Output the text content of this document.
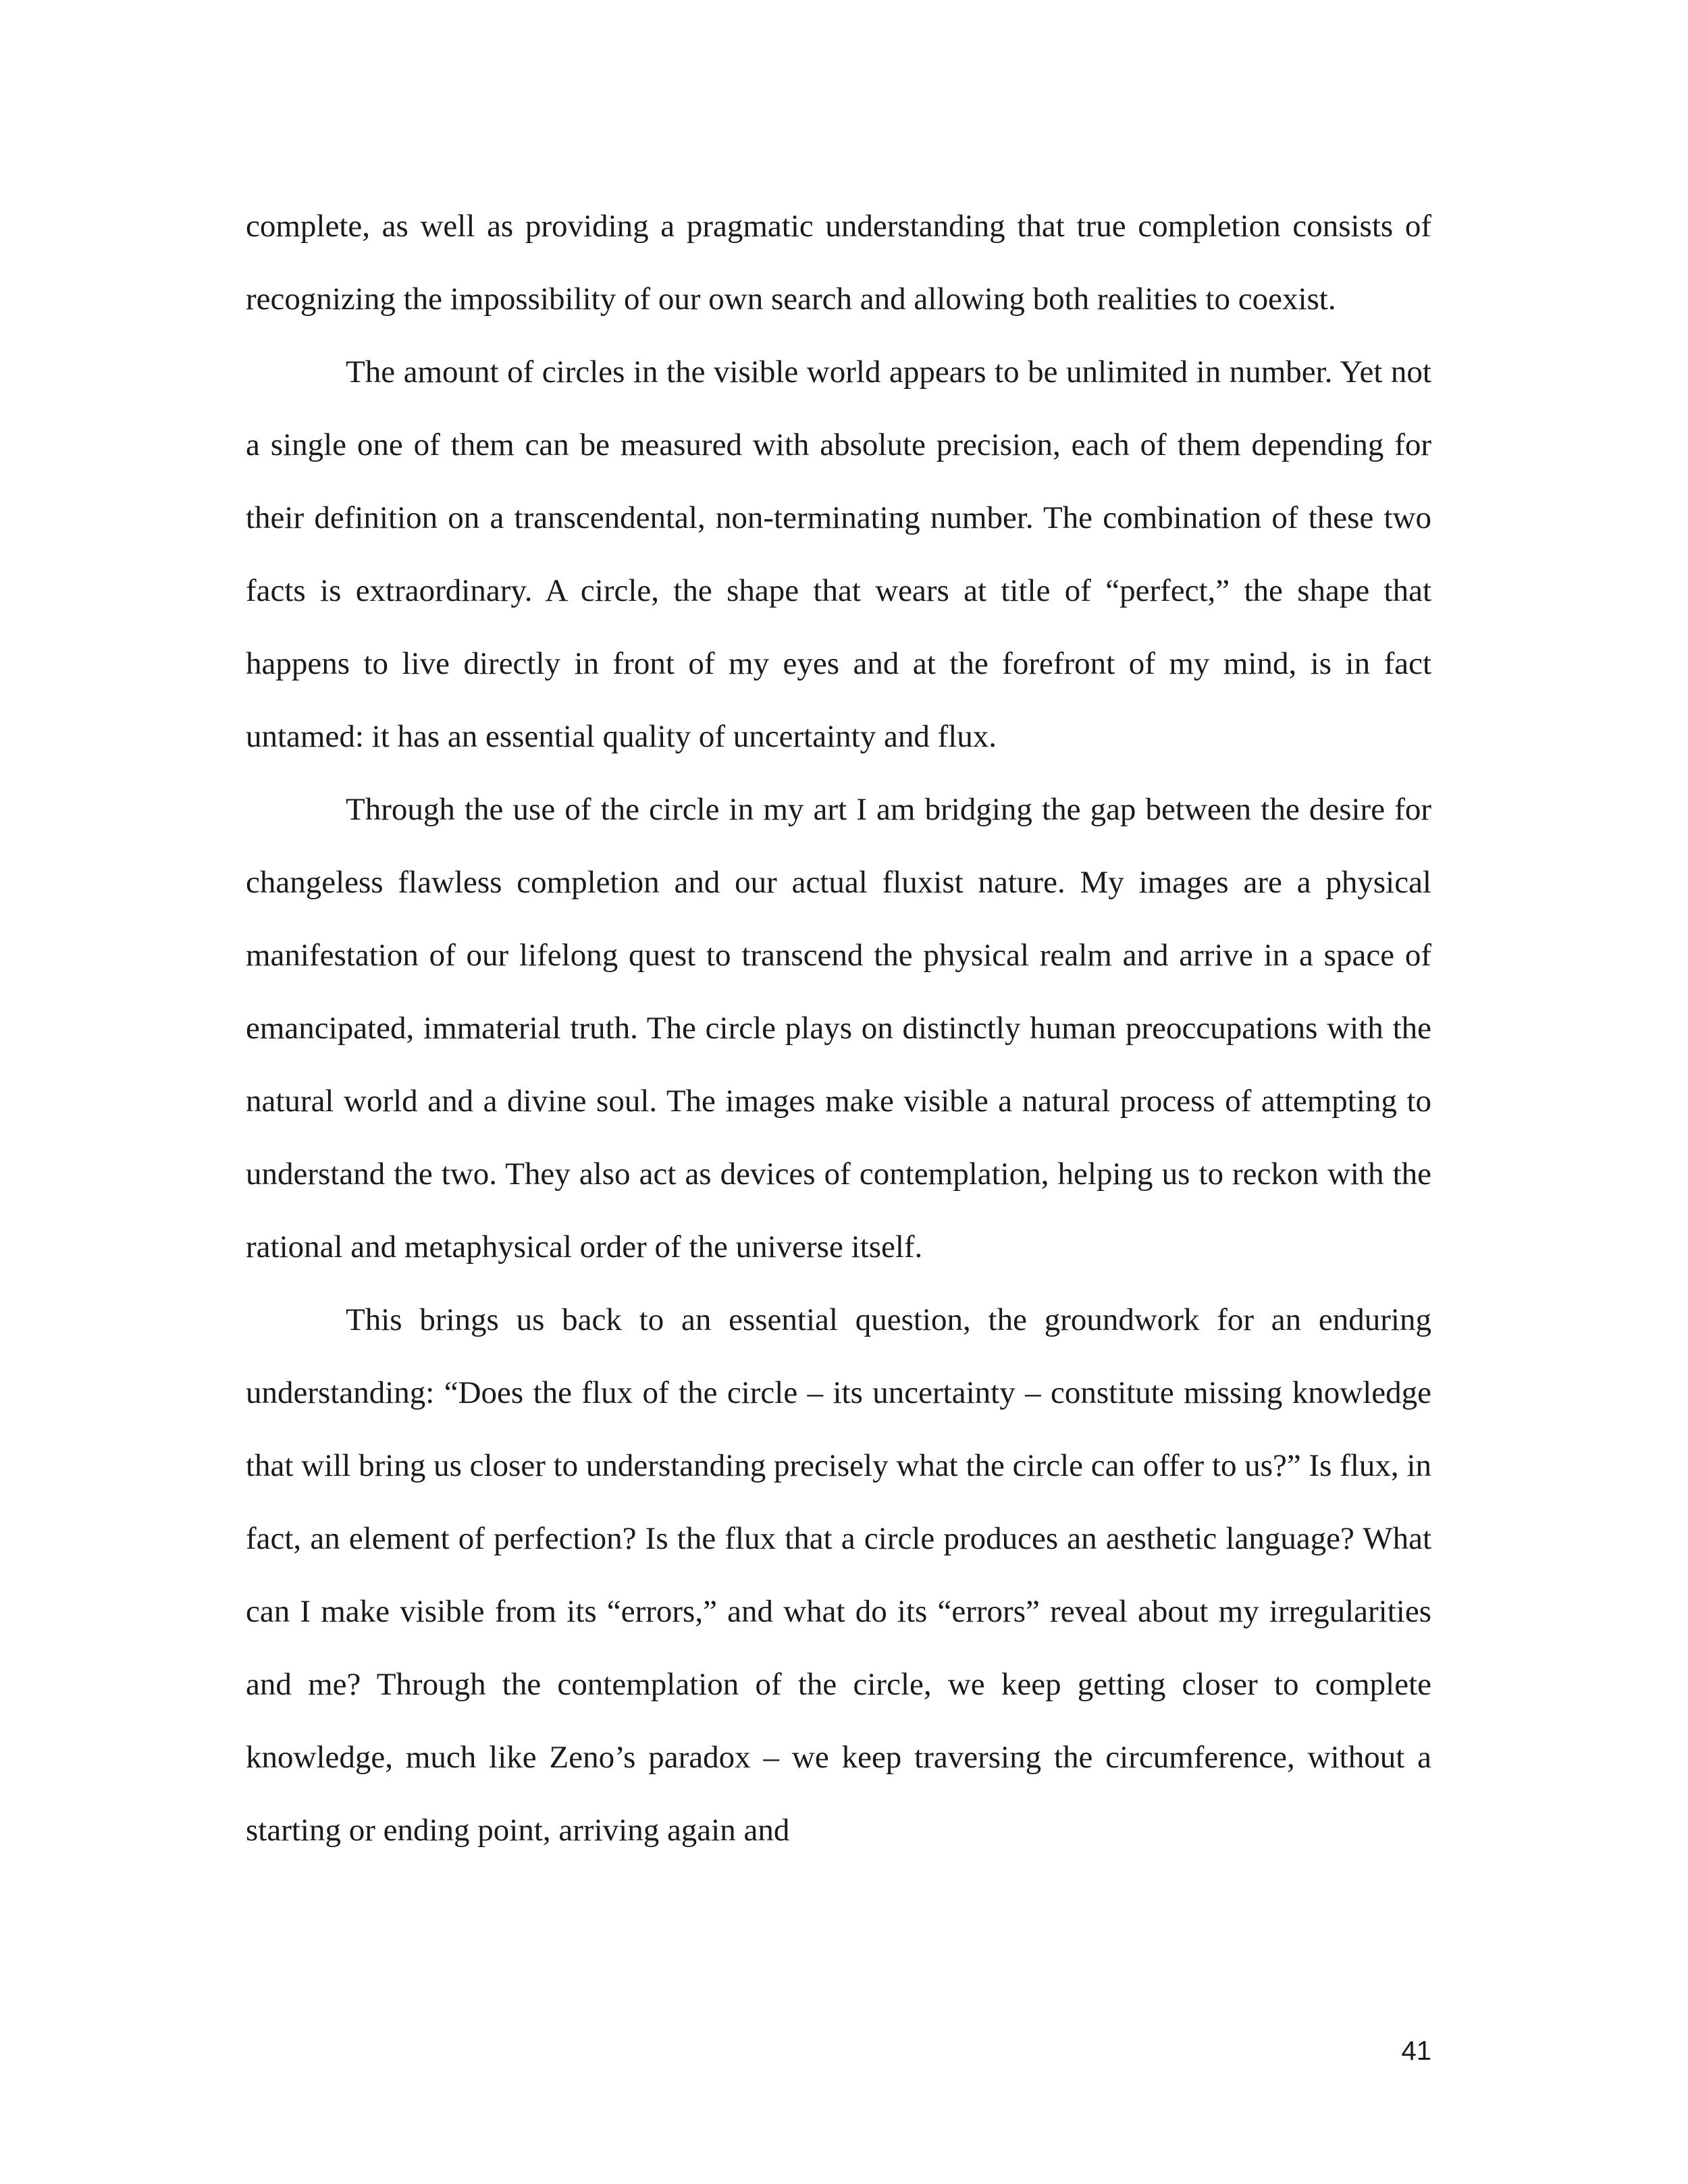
complete, as well as providing a pragmatic understanding that true completion consists of recognizing the impossibility of our own search and allowing both realities to coexist.

The amount of circles in the visible world appears to be unlimited in number. Yet not a single one of them can be measured with absolute precision, each of them depending for their definition on a transcendental, non-terminating number. The combination of these two facts is extraordinary. A circle, the shape that wears at title of “perfect,” the shape that happens to live directly in front of my eyes and at the forefront of my mind, is in fact untamed: it has an essential quality of uncertainty and flux.

Through the use of the circle in my art I am bridging the gap between the desire for changeless flawless completion and our actual fluxist nature. My images are a physical manifestation of our lifelong quest to transcend the physical realm and arrive in a space of emancipated, immaterial truth. The circle plays on distinctly human preoccupations with the natural world and a divine soul. The images make visible a natural process of attempting to understand the two. They also act as devices of contemplation, helping us to reckon with the rational and metaphysical order of the universe itself.

This brings us back to an essential question, the groundwork for an enduring understanding: “Does the flux of the circle – its uncertainty – constitute missing knowledge that will bring us closer to understanding precisely what the circle can offer to us?” Is flux, in fact, an element of perfection? Is the flux that a circle produces an aesthetic language? What can I make visible from its “errors,” and what do its “errors” reveal about my irregularities and me? Through the contemplation of the circle, we keep getting closer to complete knowledge, much like Zeno’s paradox – we keep traversing the circumference, without a starting or ending point, arriving again and

41
